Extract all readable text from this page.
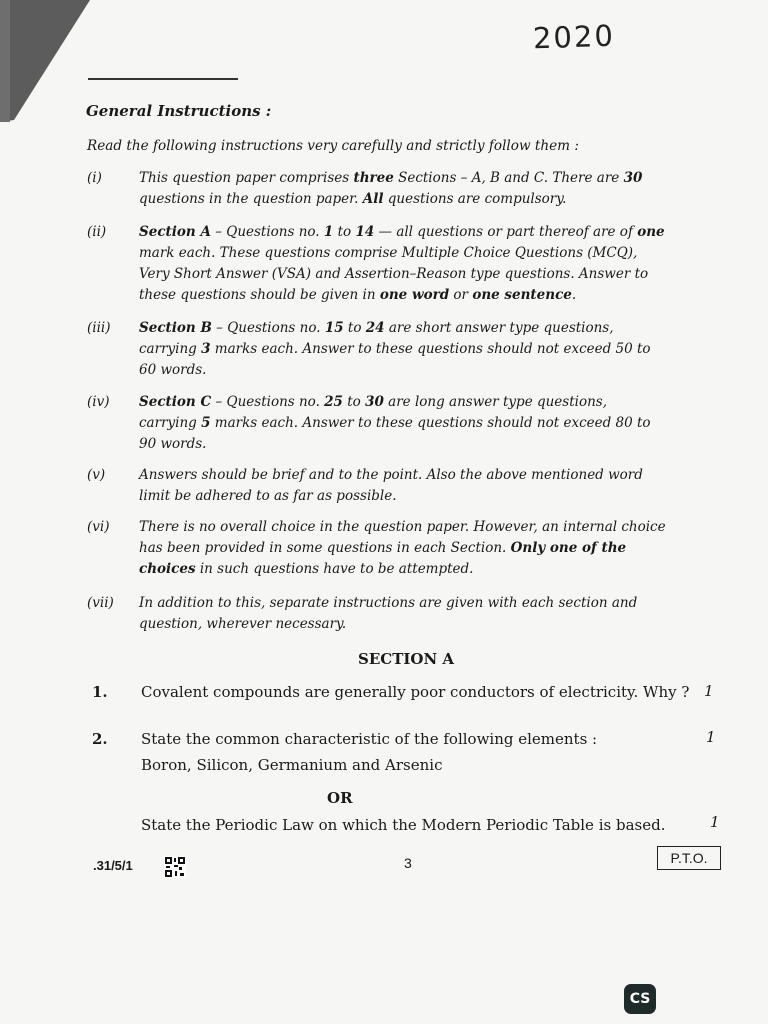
2020
General Instructions :
Read the following instructions very carefully and strictly follow them :
(i)	This question paper comprises three Sections – A, B and C. There are 30 questions in the question paper. All questions are compulsory.
(ii) Section A – Questions no. 1 to 14 — all questions or part thereof are of one mark each. These questions comprise Multiple Choice Questions (MCQ), Very Short Answer (VSA) and Assertion–Reason type questions. Answer to these questions should be given in one word or one sentence.
(iii) Section B – Questions no. 15 to 24 are short answer type questions, carrying 3 marks each. Answer to these questions should not exceed 50 to 60 words.
(iv) Section C – Questions no. 25 to 30 are long answer type questions, carrying 5 marks each. Answer to these questions should not exceed 80 to 90 words.
(v)	Answers should be brief and to the point. Also the above mentioned word limit be adhered to as far as possible.
(vi) There is no overall choice in the question paper. However, an internal choice has been provided in some questions in each Section. Only one of the choices in such questions have to be attempted.
(vii) In addition to this, separate instructions are given with each section and question, wherever necessary.
SECTION A
1. Covalent compounds are generally poor conductors of electricity. Why ? 1
2. State the common characteristic of the following elements :
Boron, Silicon, Germanium and Arsenic
1
OR
State the Periodic Law on which the Modern Periodic Table is based.	1
.31/5/1	3	P.T.O.
CS
